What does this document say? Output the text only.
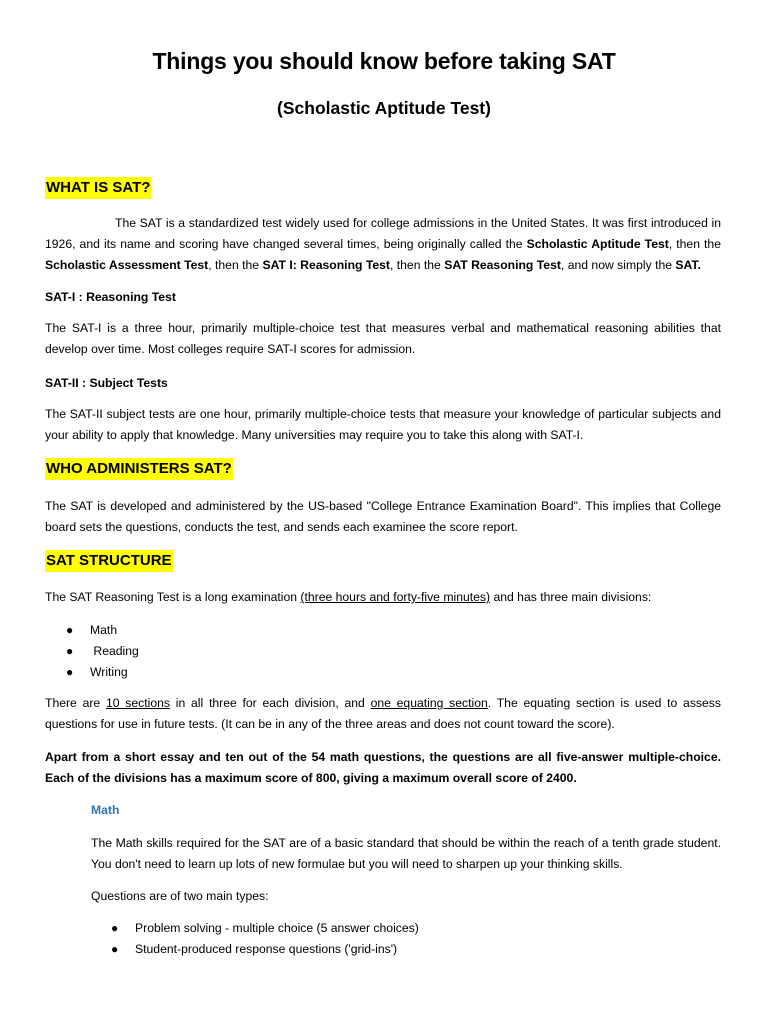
Things you should know before taking SAT
(Scholastic Aptitude Test)
WHAT IS SAT?
The SAT is a standardized test widely used for college admissions in the United States. It was first introduced in 1926, and its name and scoring have changed several times, being originally called the Scholastic Aptitude Test, then the Scholastic Assessment Test, then the SAT I: Reasoning Test, then the SAT Reasoning Test, and now simply the SAT.
SAT-I : Reasoning Test
The SAT-I is a three hour, primarily multiple-choice test that measures verbal and mathematical reasoning abilities that develop over time. Most colleges require SAT-I scores for admission.
SAT-II : Subject Tests
The SAT-II subject tests are one hour, primarily multiple-choice tests that measure your knowledge of particular subjects and your ability to apply that knowledge. Many universities may require you to take this along with SAT-I.
WHO ADMINISTERS SAT?
The SAT is developed and administered by the US-based "College Entrance Examination Board". This implies that College board sets the questions, conducts the test, and sends each examinee the score report.
SAT STRUCTURE
The SAT Reasoning Test is a long examination (three hours and forty-five minutes) and has three main divisions:
● Math
● Reading
● Writing
There are 10 sections in all three for each division, and one equating section. The equating section is used to assess questions for use in future tests. (It can be in any of the three areas and does not count toward the score).
Apart from a short essay and ten out of the 54 math questions, the questions are all five-answer multiple-choice. Each of the divisions has a maximum score of 800, giving a maximum overall score of 2400.
Math
The Math skills required for the SAT are of a basic standard that should be within the reach of a tenth grade student. You don't need to learn up lots of new formulae but you will need to sharpen up your thinking skills.
Questions are of two main types:
● Problem solving - multiple choice (5 answer choices)
● Student-produced response questions ('grid-ins')
